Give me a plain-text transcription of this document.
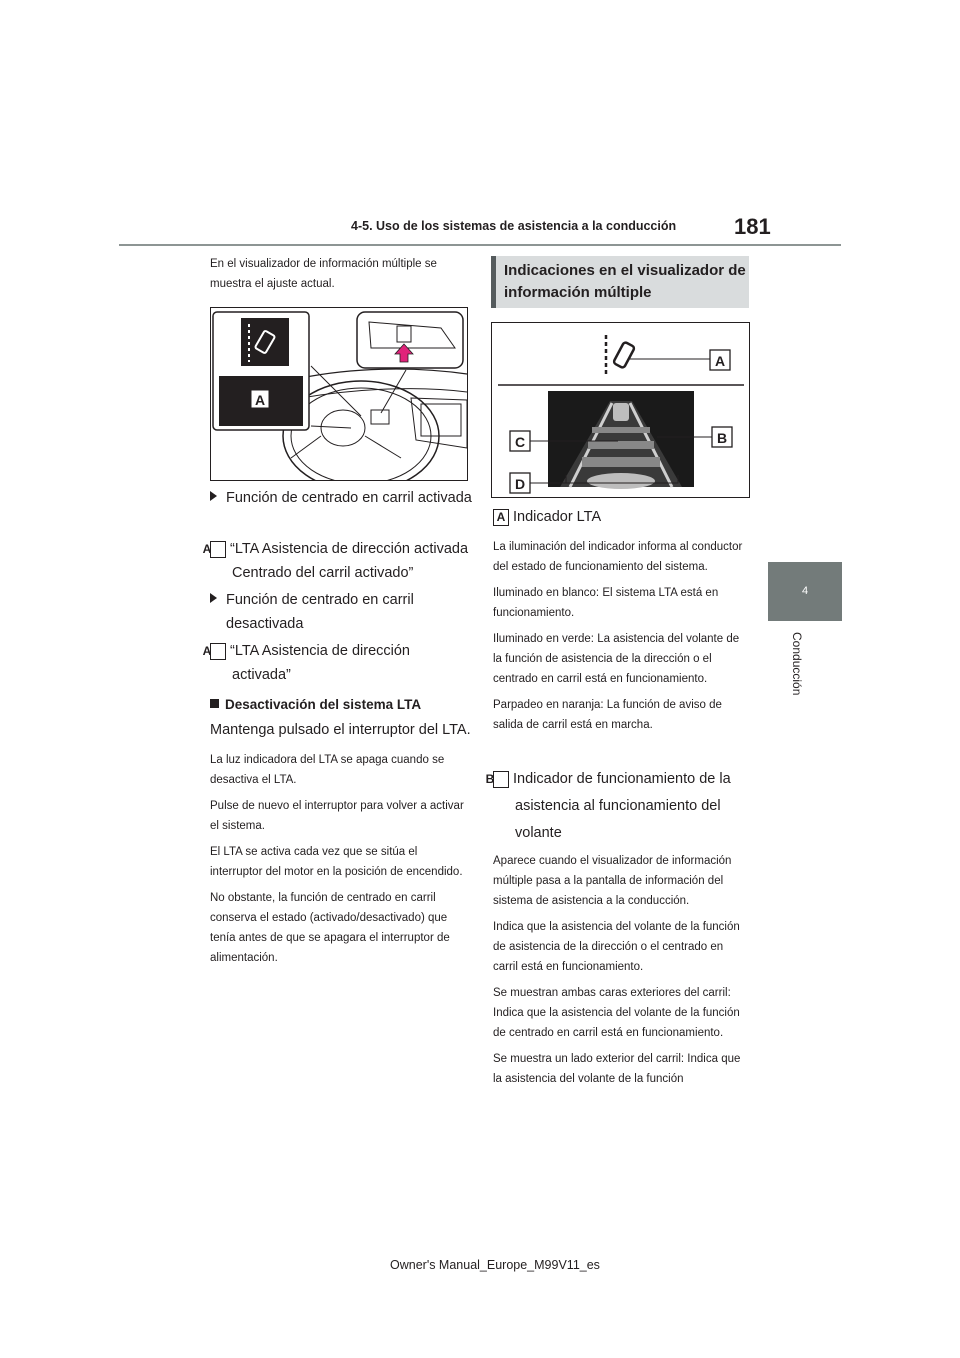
4-5. Uso de los sistemas de asistencia a la conducción	181
4
Conducción

En el visualizador de información múltiple se muestra el ajuste actual.

A
Función de centrado en carril activada
A “LTA Asistencia de dirección activada Centrado del carril activado”
Función de centrado en carril desactivada
A “LTA Asistencia de dirección activada”
Desactivación del sistema LTA

Mantenga pulsado el interruptor del LTA.

La luz indicadora del LTA se apaga cuando se desactiva el LTA.

Pulse de nuevo el interruptor para volver a activar el sistema.

El LTA se activa cada vez que se sitúa el interruptor del motor en la posición de encendido.

No obstante, la función de centrado en carril conserva el estado (activado/desactivado) que tenía antes de que se apagara el interruptor de alimentación.

Indicaciones en el visualizador de información múltiple
A
B
C
D
A Indicador LTA

La iluminación del indicador informa al conductor del estado de funcionamiento del sistema.

Iluminado en blanco: El sistema LTA está en funcionamiento.

Iluminado en verde: La asistencia del volante de la función de asistencia de la dirección o el centrado en carril está en funcionamiento.

Parpadeo en naranja: La función de aviso de salida de carril está en marcha.

B Indicador de funcionamiento de la asistencia al funcionamiento del volante

Aparece cuando el visualizador de información múltiple pasa a la pantalla de información del sistema de asistencia a la conducción.

Indica que la asistencia del volante de la función de asistencia de la dirección o el centrado en carril está en funcionamiento.

Se muestran ambas caras exteriores del carril: Indica que la asistencia del volante de la función de centrado en carril está en funcionamiento.

Se muestra un lado exterior del carril: Indica que la asistencia del volante de la función

Owner's Manual_Europe_M99V11_es
